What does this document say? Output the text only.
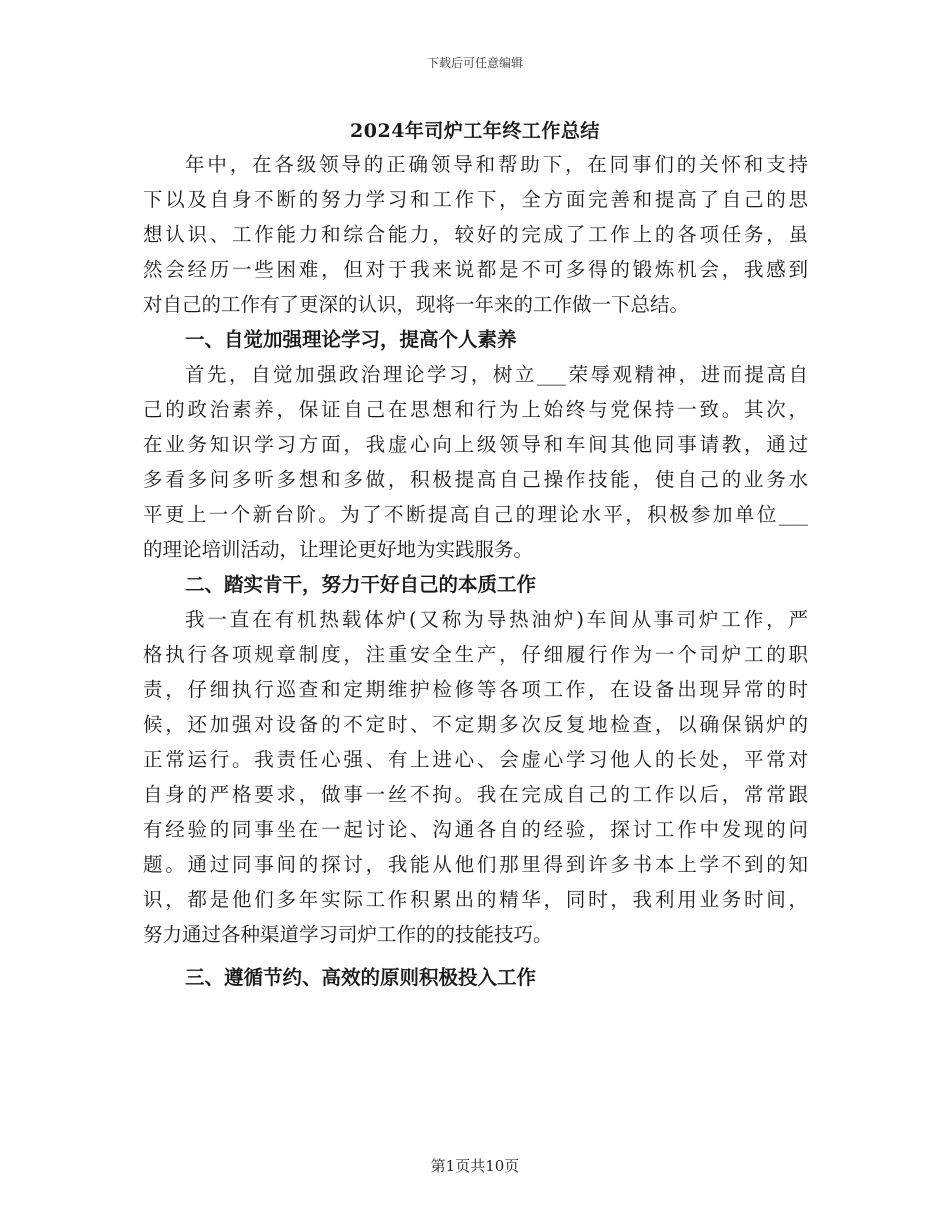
下载后可任意编辑
2024年司炉工年终工作总结
年中，在各级领导的正确领导和帮助下，在同事们的关怀和支持
下以及自身不断的努力学习和工作下，全方面完善和提高了自己的思
想认识、工作能力和综合能力，较好的完成了工作上的各项任务，虽
然会经历一些困难，但对于我来说都是不可多得的锻炼机会，我感到
对自己的工作有了更深的认识，现将一年来的工作做一下总结。
一、自觉加强理论学习，提高个人素养
首先，自觉加强政治理论学习，树立___荣辱观精神，进而提高自
己的政治素养，保证自己在思想和行为上始终与党保持一致。其次，
在业务知识学习方面，我虚心向上级领导和车间其他同事请教，通过
多看多问多听多想和多做，积极提高自己操作技能，使自己的业务水
平更上一个新台阶。为了不断提高自己的理论水平，积极参加单位___
的理论培训活动，让理论更好地为实践服务。
二、踏实肯干，努力干好自己的本质工作
我一直在有机热载体炉(又称为导热油炉)车间从事司炉工作，严
格执行各项规章制度，注重安全生产，仔细履行作为一个司炉工的职
责，仔细执行巡查和定期维护检修等各项工作，在设备出现异常的时
候，还加强对设备的不定时、不定期多次反复地检查，以确保锅炉的
正常运行。我责任心强、有上进心、会虚心学习他人的长处，平常对
自身的严格要求，做事一丝不拘。我在完成自己的工作以后，常常跟
有经验的同事坐在一起讨论、沟通各自的经验，探讨工作中发现的问
题。通过同事间的探讨，我能从他们那里得到许多书本上学不到的知
识，都是他们多年实际工作积累出的精华，同时，我利用业务时间，
努力通过各种渠道学习司炉工作的的技能技巧。
三、遵循节约、高效的原则积极投入工作
第1页共10页
